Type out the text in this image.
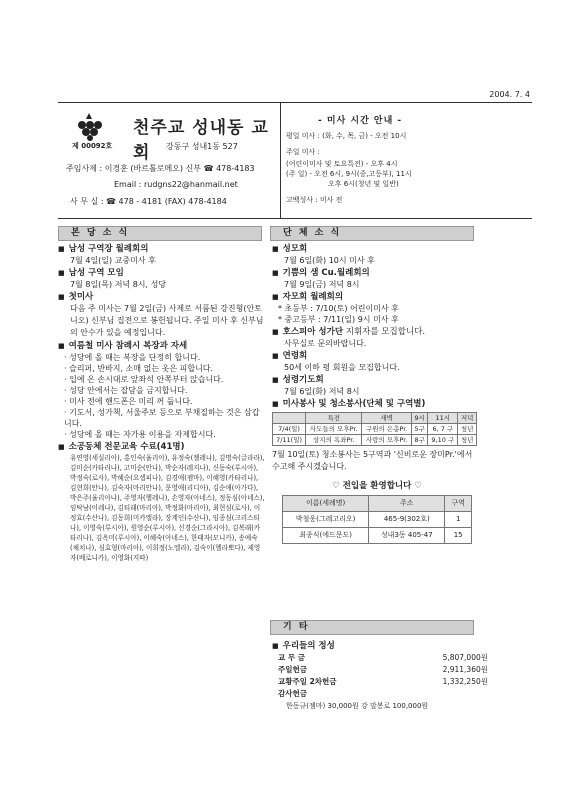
2004. 7. 4
제 00092호
천주교 성내동 교회	강동구 성내1동 527
주임사제 : 이경훈 (바르톨로메오) 신부 ☎ 478-4183
Email : rudgns22@hanmail.net
사 무 실 : ☎ 478 - 4181 (FAX) 478-4184
- 미사 시간 안내 -
평일 미사 : (화, 수, 목, 금) - 오전 10시
주일 미사 :
(어린이미사 및 토요특전) - 오후 4시
(주 일) - 오전 6시, 9시(중,고등부), 11시
오후 6시(청년 및 일반)
고백성사 : 미사 전
본 당 소 식
■ 남성 구역장 월례회의
7월 4일(일) 교중미사 후
■ 남성 구역 모임
7월 8일(목) 저녁 8시, 성당
■ 첫미사
다음 주 미사는 7월 2일(금) 사제로 서품된 강진형(안토니오) 신부님 집전으로 봉헌됩니다. 주일 미사 후 신부님의 안수가 있을 예정입니다.
■ 여름철 미사 참례시 복장과 자세
· 성당에 올 때는 복장을 단정히 합니다.
· 슬리퍼, 반바지, 소매 없는 옷은 피합니다.
· 입에 온 손시대로 앞좌석 안쪽부터 앉습니다.
· 성당 안에서는 잡담을 금지합니다.
· 미사 전에 핸드폰은 미리 꺼 둡니다.
· 기도서, 성가책, 서울주보 등으로 부채질하는 것은 삼갑니다.
· 성당에 올 때는 자가용 이용을 자제합시다.
■ 소공동체 전문교육 수료(41명)
유연영(세실리아), 홍인숙(율리아), 유정숙(젤레나), 김명숙(글라라), 김미순(카타리나), 고미순(안나), 박순자(레지나), 신동숙(루시아), 박정숙(로사), 박혜순(요셉피나), 김경애(젬마), 이혜영(카타리나), 김현희(안나), 김숙자(마리안나), 문영애(리디아), 김순애(아가다), 박은주(율리아나), 주영자(헬레나), 손영자(아네스), 정동심(아네스), 임탁남(이레나), 김티래(마리아), 박정화(마리아), 최현심(로사), 이정효(수산나), 김동희(미카엘라), 장계인(수산나), 임종심(크리스티나), 이영숙(루시아), 원영순(루시아), 신경순(그라시아), 김복래(카타리나), 김옥미(루시아), 이혜숙(아네스), 한태자(모니카), 송예숙(체치나), 심효형(마리아), 이희정(노엘라), 김숙이(헬라뽀다), 제영자(베로니카), 이영화(지따)
단 체 소 식
■ 성모회
7월 6일(화) 10시 미사 후
■ 기쁨의 샘 Cu.월례회의
7월 9일(금) 저녁 8시
■ 자모회 월례회의
* 초등부 : 7/10(토) 어린이미사 후
* 중고등부 : 7/11(일) 9시 미사 후
■ 호스피아 성가단 지휘자를 모집합니다.
사무실로 문의바랍니다.
■ 연령회
50세 이하 평 회원을 모집합니다.
■ 성령기도회
7월 6일(화) 저녁 8시
■ 미사봉사 및 청소봉사(단체 및 구역별)
	특전	새벽	9시	11시	저녁
7/4(일)	사도들의 모후Pr.	구원의 은총Pr.	5구	6, 7 구	청년
7/11(일)	상지의 옥좌Pr.	사랑의 모후Pr.	8구	9,10 구	청년
7월 10일(토) 청소봉사는 5구역과 '신비로운 장미Pr.'에서 수고해 주시겠습니다.
♡ 전입을 환영합니다 ♡
이름(세례명)	주소	구역
박철웅(그레고리오)	465-9(302호)	1
최종식(에드문도)	성내3동 405-47	15
기 타
■ 우리들의 정성
교 무 금	5,807,000원
주일헌금	2,911,360원
교황주일 2차헌금	1,332,250원
감사헌금
한동규(젬마) 30,000원 강 말봉로 100,000원
